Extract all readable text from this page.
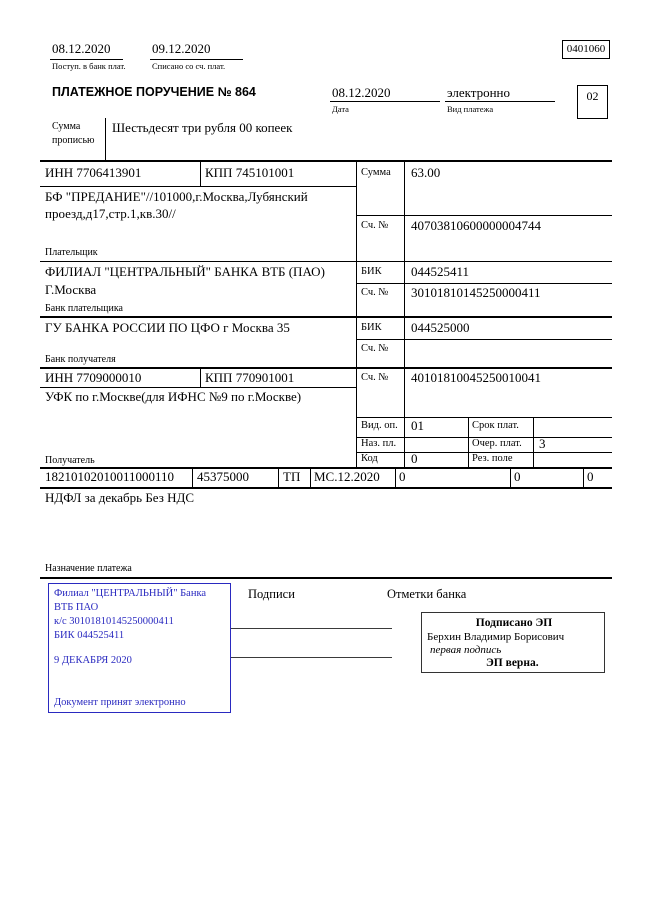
08.12.2020
Поступ. в банк плат.
09.12.2020
Списано со сч. плат.
0401060
ПЛАТЕЖНОЕ ПОРУЧЕНИЕ № 864	08.12.2020
Дата
электронно
Вид платежа
02
Сумма
прописью
Шестьдесят три рубля 00 копеек
ИНН 7706413901	КПП 745101001	Сумма 63.00
БФ "ПРЕДАНИЕ"//101000,г.Москва,Лубянский
проезд,д17,стр.1,кв.30//
Сч. № 40703810600000004744
Плательщик
ФИЛИАЛ "ЦЕНТРАЛЬНЫЙ" БАНКА ВТБ (ПАО)
Г.Москва
БИК 044525411
Сч. № 30101810145250000411
Банк плательщика
ГУ БАНКА РОССИИ ПО ЦФО г Москва 35	БИК 044525000
Сч. №
Банк получателя
ИНН 7709000010	КПП 770901001	Сч. № 40101810045250010041
УФК по г.Москве(для ИФНС №9 по г.Москве)
Получатель
Вид. оп. 01	Срок плат.
Наз. пл.	Очер. плат. 3
Код	0	Рез. поле
18210102010011000110 45375000	ТП МС.12.2020 0	0	0
НДФЛ за декабрь Без НДС
Назначение платежа
Подписи	Отметки банка
Филиал "ЦЕНТРАЛЬНЫЙ" Банка
ВТБ ПАО
к/с 30101810145250000411
БИК 044525411
9 ДЕКАБРЯ 2020
Документ принят электронно
Подписано ЭП
Берхин Владимир Борисович
первая подпись
ЭП верна.
